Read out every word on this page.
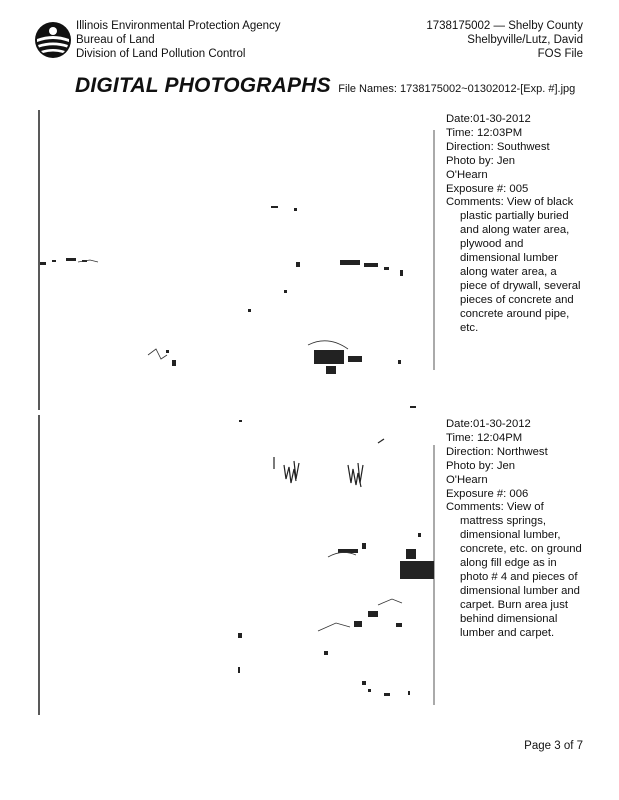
Illinois Environmental Protection Agency
Bureau of Land
Division of Land Pollution Control
1738175002 — Shelby County
Shelbyville/Lutz, David
FOS File
DIGITAL PHOTOGRAPHS File Names: 1738175002~01302012-[Exp. #].jpg
Date:01-30-2012
Time: 12:03PM
Direction: Southwest
Photo by: Jen
O'Hearn
Exposure #: 005
Comments: View of black plastic partially buried and along water area, plywood and dimensional lumber along water area, a piece of drywall, several pieces of concrete and concrete around pipe, etc.
Date:01-30-2012
Time: 12:04PM
Direction: Northwest
Photo by: Jen
O'Hearn
Exposure #: 006
Comments: View of mattress springs, dimensional lumber, concrete, etc. on ground along fill edge as in photo # 4 and pieces of dimensional lumber and carpet. Burn area just behind dimensional lumber and carpet.
Page 3 of 7
